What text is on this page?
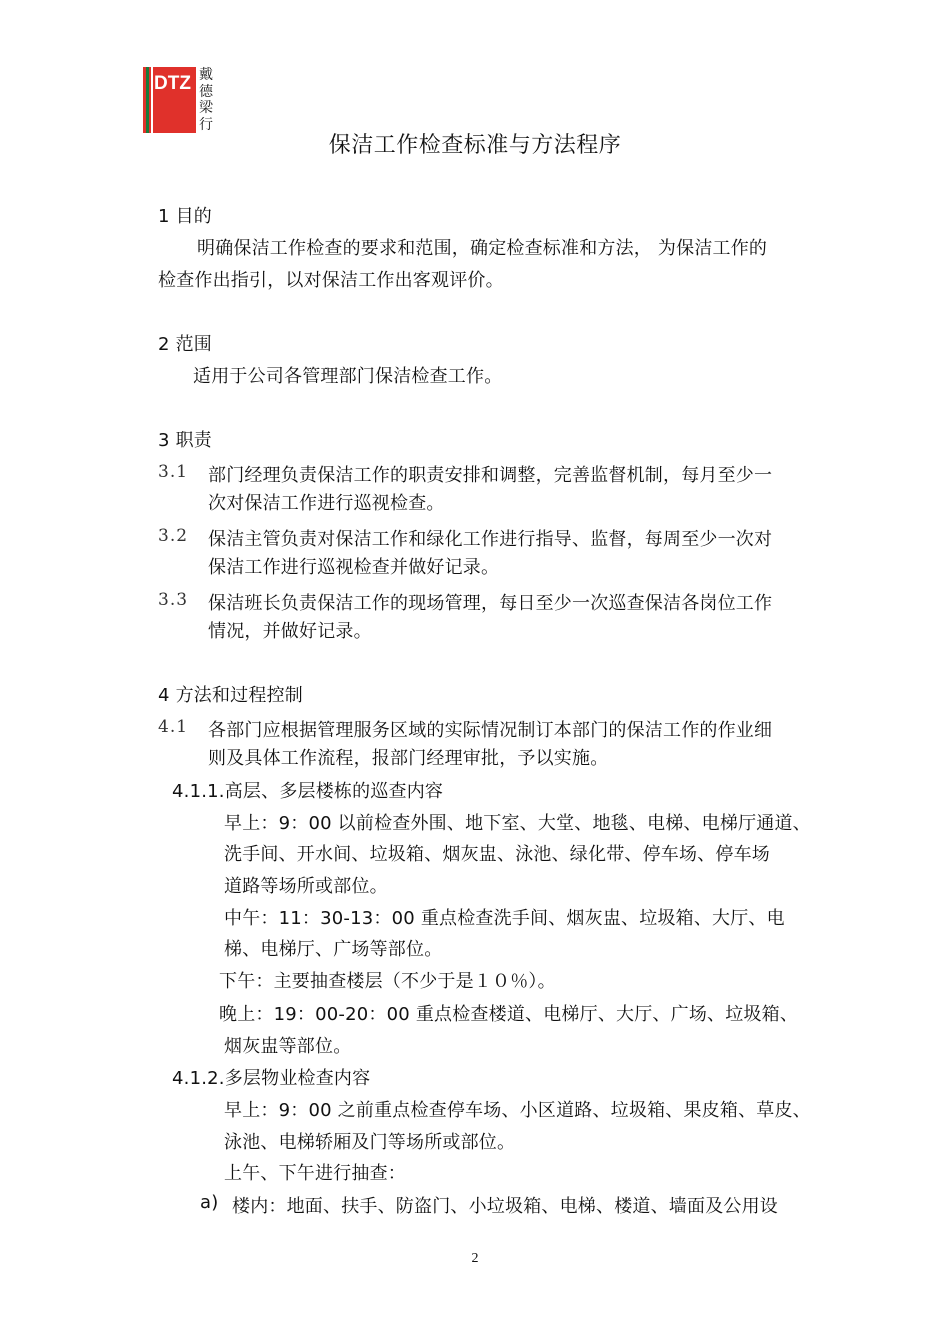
DTZ 戴
德
梁
行
保洁工作检查标准与方法程序
1 目的
明确保洁工作检查的要求和范围，确定检查标准和方法， 为保洁工作的
检查作出指引，以对保洁工作出客观评价。
2 范围
适用于公司各管理部门保洁检查工作。
3 职责
3.1 部门经理负责保洁工作的职责安排和调整，完善监督机制，每月至少一
次对保洁工作进行巡视检查。
3.2 保洁主管负责对保洁工作和绿化工作进行指导、监督，每周至少一次对
保洁工作进行巡视检查并做好记录。
3.3 保洁班长负责保洁工作的现场管理，每日至少一次巡查保洁各岗位工作
情况，并做好记录。
4 方法和过程控制
4.1 各部门应根据管理服务区域的实际情况制订本部门的保洁工作的作业细
则及具体工作流程，报部门经理审批，予以实施。
4.1.1.高层、多层楼栋的巡查内容
早上：9：00 以前检查外围、地下室、大堂、地毯、电梯、电梯厅通道、
洗手间、开水间、垃圾箱、烟灰盅、泳池、绿化带、停车场、停车场
道路等场所或部位。
中午：11：30-13：00 重点检查洗手间、烟灰盅、垃圾箱、大厅、电
梯、电梯厅、广场等部位。
下午：主要抽查楼层（不少于是１０％）。
晚上：19：00-20：00 重点检查楼道、电梯厅、大厅、广场、垃圾箱、
烟灰盅等部位。
4.1.2.多层物业检查内容
早上：9：00 之前重点检查停车场、小区道路、垃圾箱、果皮箱、草皮、
泳池、电梯轿厢及门等场所或部位。
上午、下午进行抽查：
a) 楼内：地面、扶手、防盗门、小垃圾箱、电梯、楼道、墙面及公用设
2
